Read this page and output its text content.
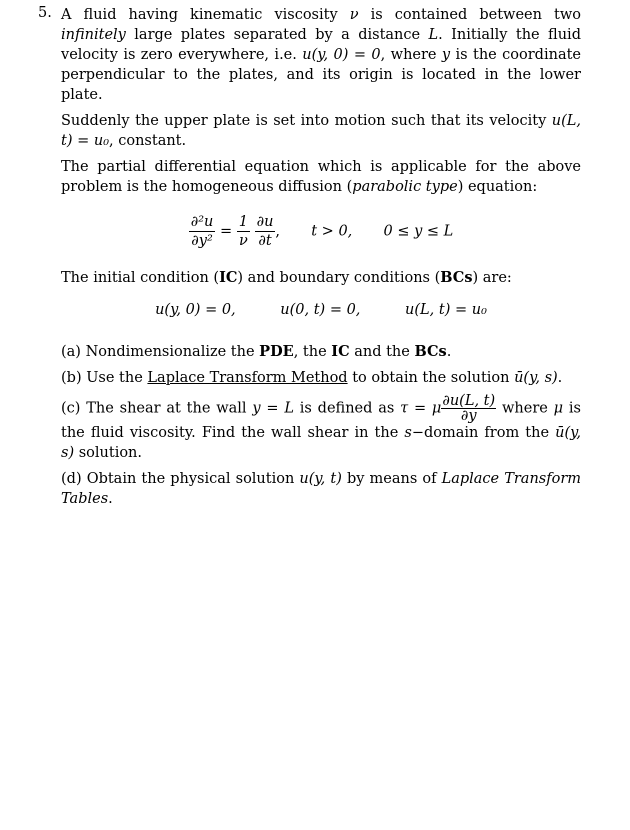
5. A fluid having kinematic viscosity ν is contained between two infinitely large plates separated by a distance L. Initially the fluid velocity is zero everywhere, i.e. u(y, 0) = 0, where y is the coordinate perpendicular to the plates, and its origin is located in the lower plate.

Suddenly the upper plate is set into motion such that its velocity u(L, t) = u₀, constant.

The partial differential equation which is applicable for the above problem is the homogeneous diffusion (parabolic type) equation:

$\frac{\text{∂²u}}{\text{∂y²}} = \frac{1}{\nu}$
$\frac{\partial u}{\partial t}$ , t > 0, 0 ≤ y ≤ L

The initial condition (IC) and boundary conditions (BCs) are:

u(y, 0) = 0,	u(0, t) = 0,	u(L, t) = u₀

(a) Nondimensionalize the PDE, the IC and the BCs.

(b) Use the Laplace Transform Method to obtain the solution ū(y, s).

(c) The shear at the wall y = L is defined as τ = μ $\frac{\partial u(L, t)}{\partial y}$ where μ is the fluid viscosity. Find the wall shear in the s−domain from the ū(y, s) solution.

(d) Obtain the physical solution u(y, t) by means of Laplace Transform Tables.
